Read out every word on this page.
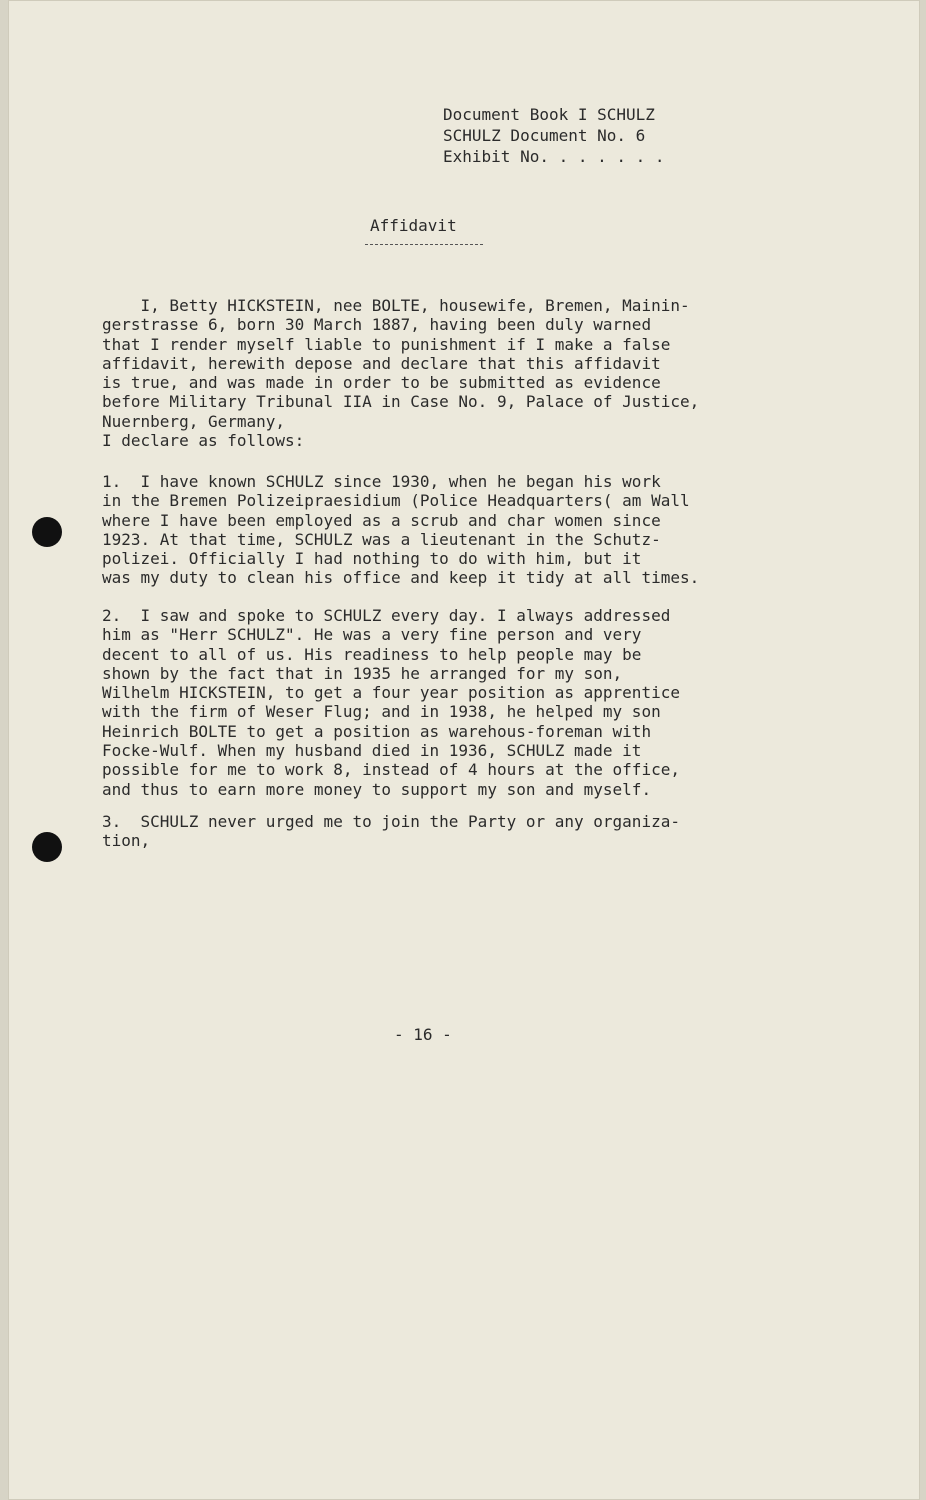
Document Book I SCHULZ
SCHULZ Document No. 6
Exhibit No. . . . . . .
Affidavit
I, Betty HICKSTEIN, nee BOLTE, housewife, Bremen, Mainin-
gerstrasse 6, born 30 March 1887, having been duly warned
that I render myself liable to punishment if I make a false
affidavit, herewith depose and declare that this affidavit
is true, and was made in order to be submitted as evidence
before Military Tribunal IIA in Case No. 9, Palace of Justice,
Nuernberg, Germany,
I declare as follows:
1.  I have known SCHULZ since 1930, when he began his work
in the Bremen Polizeipraesidium (Police Headquarters( am Wall
where I have been employed as a scrub and char women since
1923. At that time, SCHULZ was a lieutenant in the Schutz-
polizei. Officially I had nothing to do with him, but it
was my duty to clean his office and keep it tidy at all times.
2.  I saw and spoke to SCHULZ every day. I always addressed
him as "Herr SCHULZ". He was a very fine person and very
decent to all of us. His readiness to help people may be
shown by the fact that in 1935 he arranged for my son,
Wilhelm HICKSTEIN, to get a four year position as apprentice
with the firm of Weser Flug; and in 1938, he helped my son
Heinrich BOLTE to get a position as warehous-foreman with
Focke-Wulf. When my husband died in 1936, SCHULZ made it
possible for me to work 8, instead of 4 hours at the office,
and thus to earn more money to support my son and myself.
3.  SCHULZ never urged me to join the Party or any organiza-
tion,
- 16 -
